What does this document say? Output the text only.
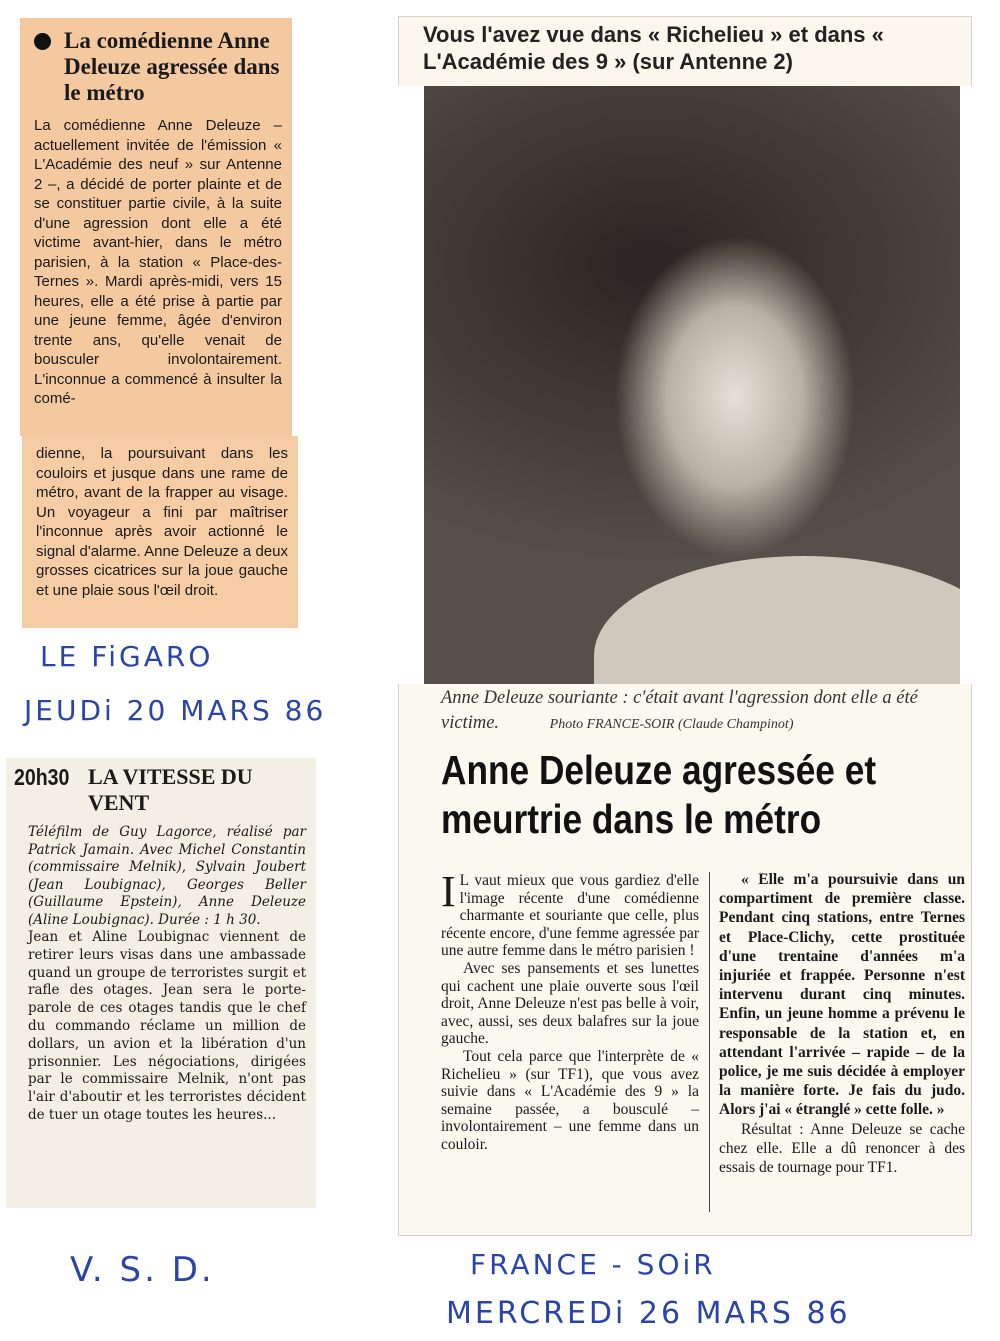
La comédienne Anne Deleuze agressée dans le métro

La comédienne Anne Deleuze – actuellement invitée de l'émission « L'Académie des neuf » sur Antenne 2 –, a décidé de porter plainte et de se constituer partie civile, à la suite d'une agression dont elle a été victime avant-hier, dans le métro parisien, à la station « Place-des-Ternes ». Mardi après-midi, vers 15 heures, elle a été prise à partie par une jeune femme, âgée d'environ trente ans, qu'elle venait de bousculer involontairement. L'inconnue a commencé à insulter la comé-

dienne, la poursuivant dans les couloirs et jusque dans une rame de métro, avant de la frapper au visage. Un voyageur a fini par maîtriser l'inconnue après avoir actionné le signal d'alarme. Anne Deleuze a deux grosses cicatrices sur la joue gauche et une plaie sous l'œil droit.

LE FiGARO
JEUDi 20 MARS 86
20h30 LA VITESSE DU VENT

Téléfilm de Guy Lagorce, réalisé par Patrick Jamain. Avec Michel Constantin (commissaire Melnik), Sylvain Joubert (Jean Loubignac), Georges Beller (Guillaume Epstein), Anne Deleuze (Aline Loubignac). Durée : 1 h 30.

Jean et Aline Loubignac viennent de retirer leurs visas dans une ambassade quand un groupe de terroristes surgit et rafle des otages. Jean sera le porte-parole de ces otages tandis que le chef du commando réclame un million de dollars, un avion et la libération d'un prisonnier. Les négociations, dirigées par le commissaire Melnik, n'ont pas l'air d'aboutir et les terroristes décident de tuer un otage toutes les heures...

V. S. D.

Vous l'avez vue dans « Richelieu » et dans « L'Académie des 9 » (sur Antenne 2)

Anne Deleuze souriante : c'était avant l'agression dont elle a été victime.	Photo FRANCE-SOIR (Claude Champinot)
Anne Deleuze agressée et meurtrie dans le métro

I L vaut mieux que vous gardiez d'elle l'image récente d'une comédienne charmante et souriante que celle, plus récente encore, d'une femme agressée par une autre femme dans le métro parisien !

Avec ses pansements et ses lunettes qui cachent une plaie ouverte sous l'œil droit, Anne Deleuze n'est pas belle à voir, avec, aussi, ses deux balafres sur la joue gauche.

Tout cela parce que l'interprète de « Richelieu » (sur TF1), que vous avez suivie dans « L'Académie des 9 » la semaine passée, a bousculé – involontairement – une femme dans un couloir.

« Elle m'a poursuivie dans un compartiment de première classe. Pendant cinq stations, entre Ternes et Place-Clichy, cette prostituée d'une trentaine d'années m'a injuriée et frappée. Personne n'est intervenu durant cinq minutes. Enfin, un jeune homme a prévenu le responsable de la station et, en attendant l'arrivée – rapide – de la police, je me suis décidée à employer la manière forte. Je fais du judo. Alors j'ai « étranglé » cette folle. »

Résultat : Anne Deleuze se cache chez elle. Elle a dû renoncer à des essais de tournage pour TF1.

FRANCE - SOiR
MERCREDi 26 MARS 86
